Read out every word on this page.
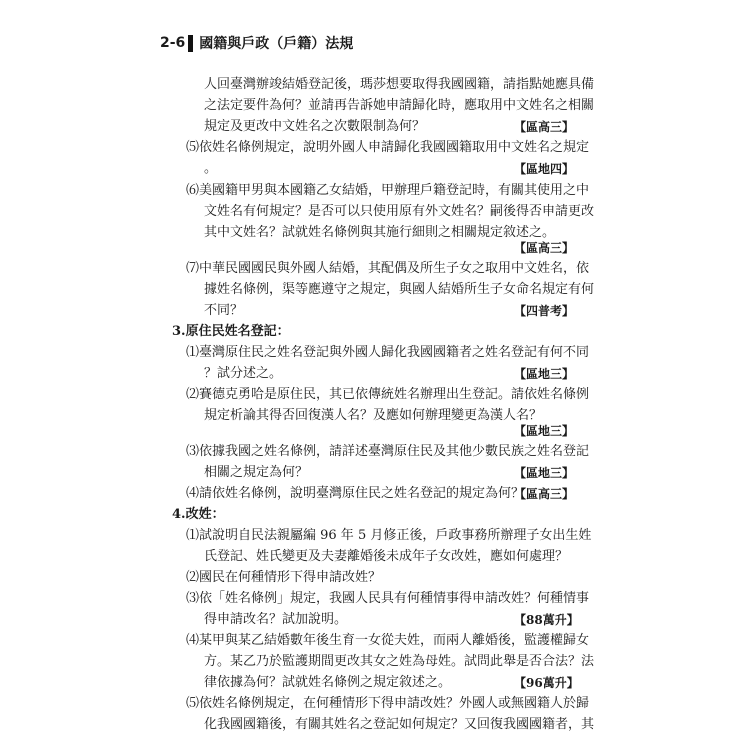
2-6 國籍與戶政（戶籍）法規
人回臺灣辦竣結婚登記後，瑪莎想要取得我國國籍，請指點她應具備
之法定要件為何？並請再告訴她申請歸化時，應取用中文姓名之相關
規定及更改中文姓名之次數限制為何？
⑸依姓名條例規定，說明外國人申請歸化我國國籍取用中文姓名之規定
。
⑹美國籍甲男與本國籍乙女結婚，甲辦理戶籍登記時，有關其使用之中
文姓名有何規定？是否可以只使用原有外文姓名？嗣後得否申請更改
其中文姓名？試就姓名條例與其施行細則之相關規定敘述之。
⑺中華民國國民與外國人結婚，其配偶及所生子女之取用中文姓名，依
據姓名條例，渠等應遵守之規定，與國人結婚所生子女命名規定有何
不同？
3.原住民姓名登記：
⑴臺灣原住民之姓名登記與外國人歸化我國國籍者之姓名登記有何不同
？試分述之。
⑵賽德克勇哈是原住民，其已依傳統姓名辦理出生登記。請依姓名條例
規定析論其得否回復漢人名？及應如何辦理變更為漢人名？
⑶依據我國之姓名條例，請詳述臺灣原住民及其他少數民族之姓名登記
相關之規定為何？
⑷請依姓名條例，說明臺灣原住民之姓名登記的規定為何？
4.改姓：
⑴試說明自民法親屬編 96 年 5 月修正後，戶政事務所辦理子女出生姓
氏登記、姓氏變更及夫妻離婚後未成年子女改姓，應如何處理？
⑵國民在何種情形下得申請改姓？
⑶依「姓名條例」規定，我國人民具有何種情事得申請改姓？何種情事
得申請改名？試加說明。
⑷某甲與某乙結婚數年後生育一女從夫姓，而兩人離婚後，監護權歸女
方。某乙乃於監護期間更改其女之姓為母姓。試問此舉是否合法？法
律依據為何？試就姓名條例之規定敘述之。
⑸依姓名條例規定，在何種情形下得申請改姓？外國人或無國籍人於歸
化我國國籍後，有關其姓名之登記如何規定？又回復我國國籍者，其
【區高三】
【區地四】
【區高三】
【四普考】
【區地三】
【區地三】
【區地三】
【區高三】
【88萬升】
【96萬升】
